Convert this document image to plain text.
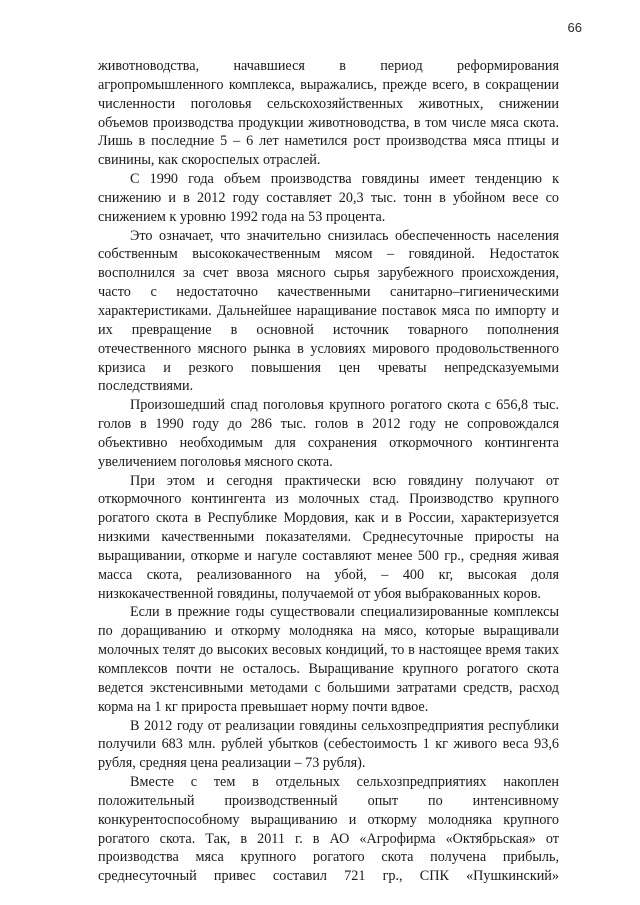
66

животноводства, начавшиеся в период реформирования агропромышленного комплекса, выражались, прежде всего, в сокращении численности поголовья сельскохозяйственных животных, снижении объемов производства продукции животноводства, в том числе мяса скота. Лишь в последние 5 – 6 лет наметился рост производства мяса птицы и свинины, как скороспелых отраслей.

С 1990 года объем производства говядины имеет тенденцию к снижению и в 2012 году составляет 20,3 тыс. тонн в убойном весе со снижением к уровню 1992 года на 53 процента.

Это означает, что значительно снизилась обеспеченность населения собственным высококачественным мясом – говядиной. Недостаток восполнился за счет ввоза мясного сырья зарубежного происхождения, часто с недостаточно качественными санитарно–гигиеническими характеристиками. Дальнейшее наращивание поставок мяса по импорту и их превращение в основной источник товарного пополнения отечественного мясного рынка в условиях мирового продовольственного кризиса и резкого повышения цен чреваты непредсказуемыми последствиями.

Произошедший спад поголовья крупного рогатого скота с 656,8 тыс. голов в 1990 году до 286 тыс. голов в 2012 году не сопровождался объективно необходимым для сохранения откормочного контингента увеличением поголовья мясного скота.

При этом и сегодня практически всю говядину получают от откормочного контингента из молочных стад. Производство крупного рогатого скота в Республике Мордовия, как и в России, характеризуется низкими качественными показателями. Среднесуточные приросты на выращивании, откорме и нагуле составляют менее 500 гр., средняя живая масса скота, реализованного на убой, – 400 кг, высокая доля низкокачественной говядины, получаемой от убоя выбракованных коров.

Если в прежние годы существовали специализированные комплексы по доращиванию и откорму молодняка на мясо, которые выращивали молочных телят до высоких весовых кондиций, то в настоящее время таких комплексов почти не осталось. Выращивание крупного рогатого скота ведется экстенсивными методами с большими затратами средств, расход корма на 1 кг прироста превышает норму почти вдвое.

В 2012 году от реализации говядины сельхозпредприятия республики получили 683 млн. рублей убытков (себестоимость 1 кг живого веса 93,6 рубля, средняя цена реализации – 73 рубля).

Вместе с тем в отдельных сельхозпредприятиях накоплен положительный производственный опыт по интенсивному конкурентоспособному выращиванию и откорму молодняка крупного рогатого скота. Так, в 2011 г. в АО «Агрофирма «Октябрьская» от производства мяса крупного рогатого скота получена прибыль, среднесуточный привес составил 721 гр., СПК «Пушкинский»
